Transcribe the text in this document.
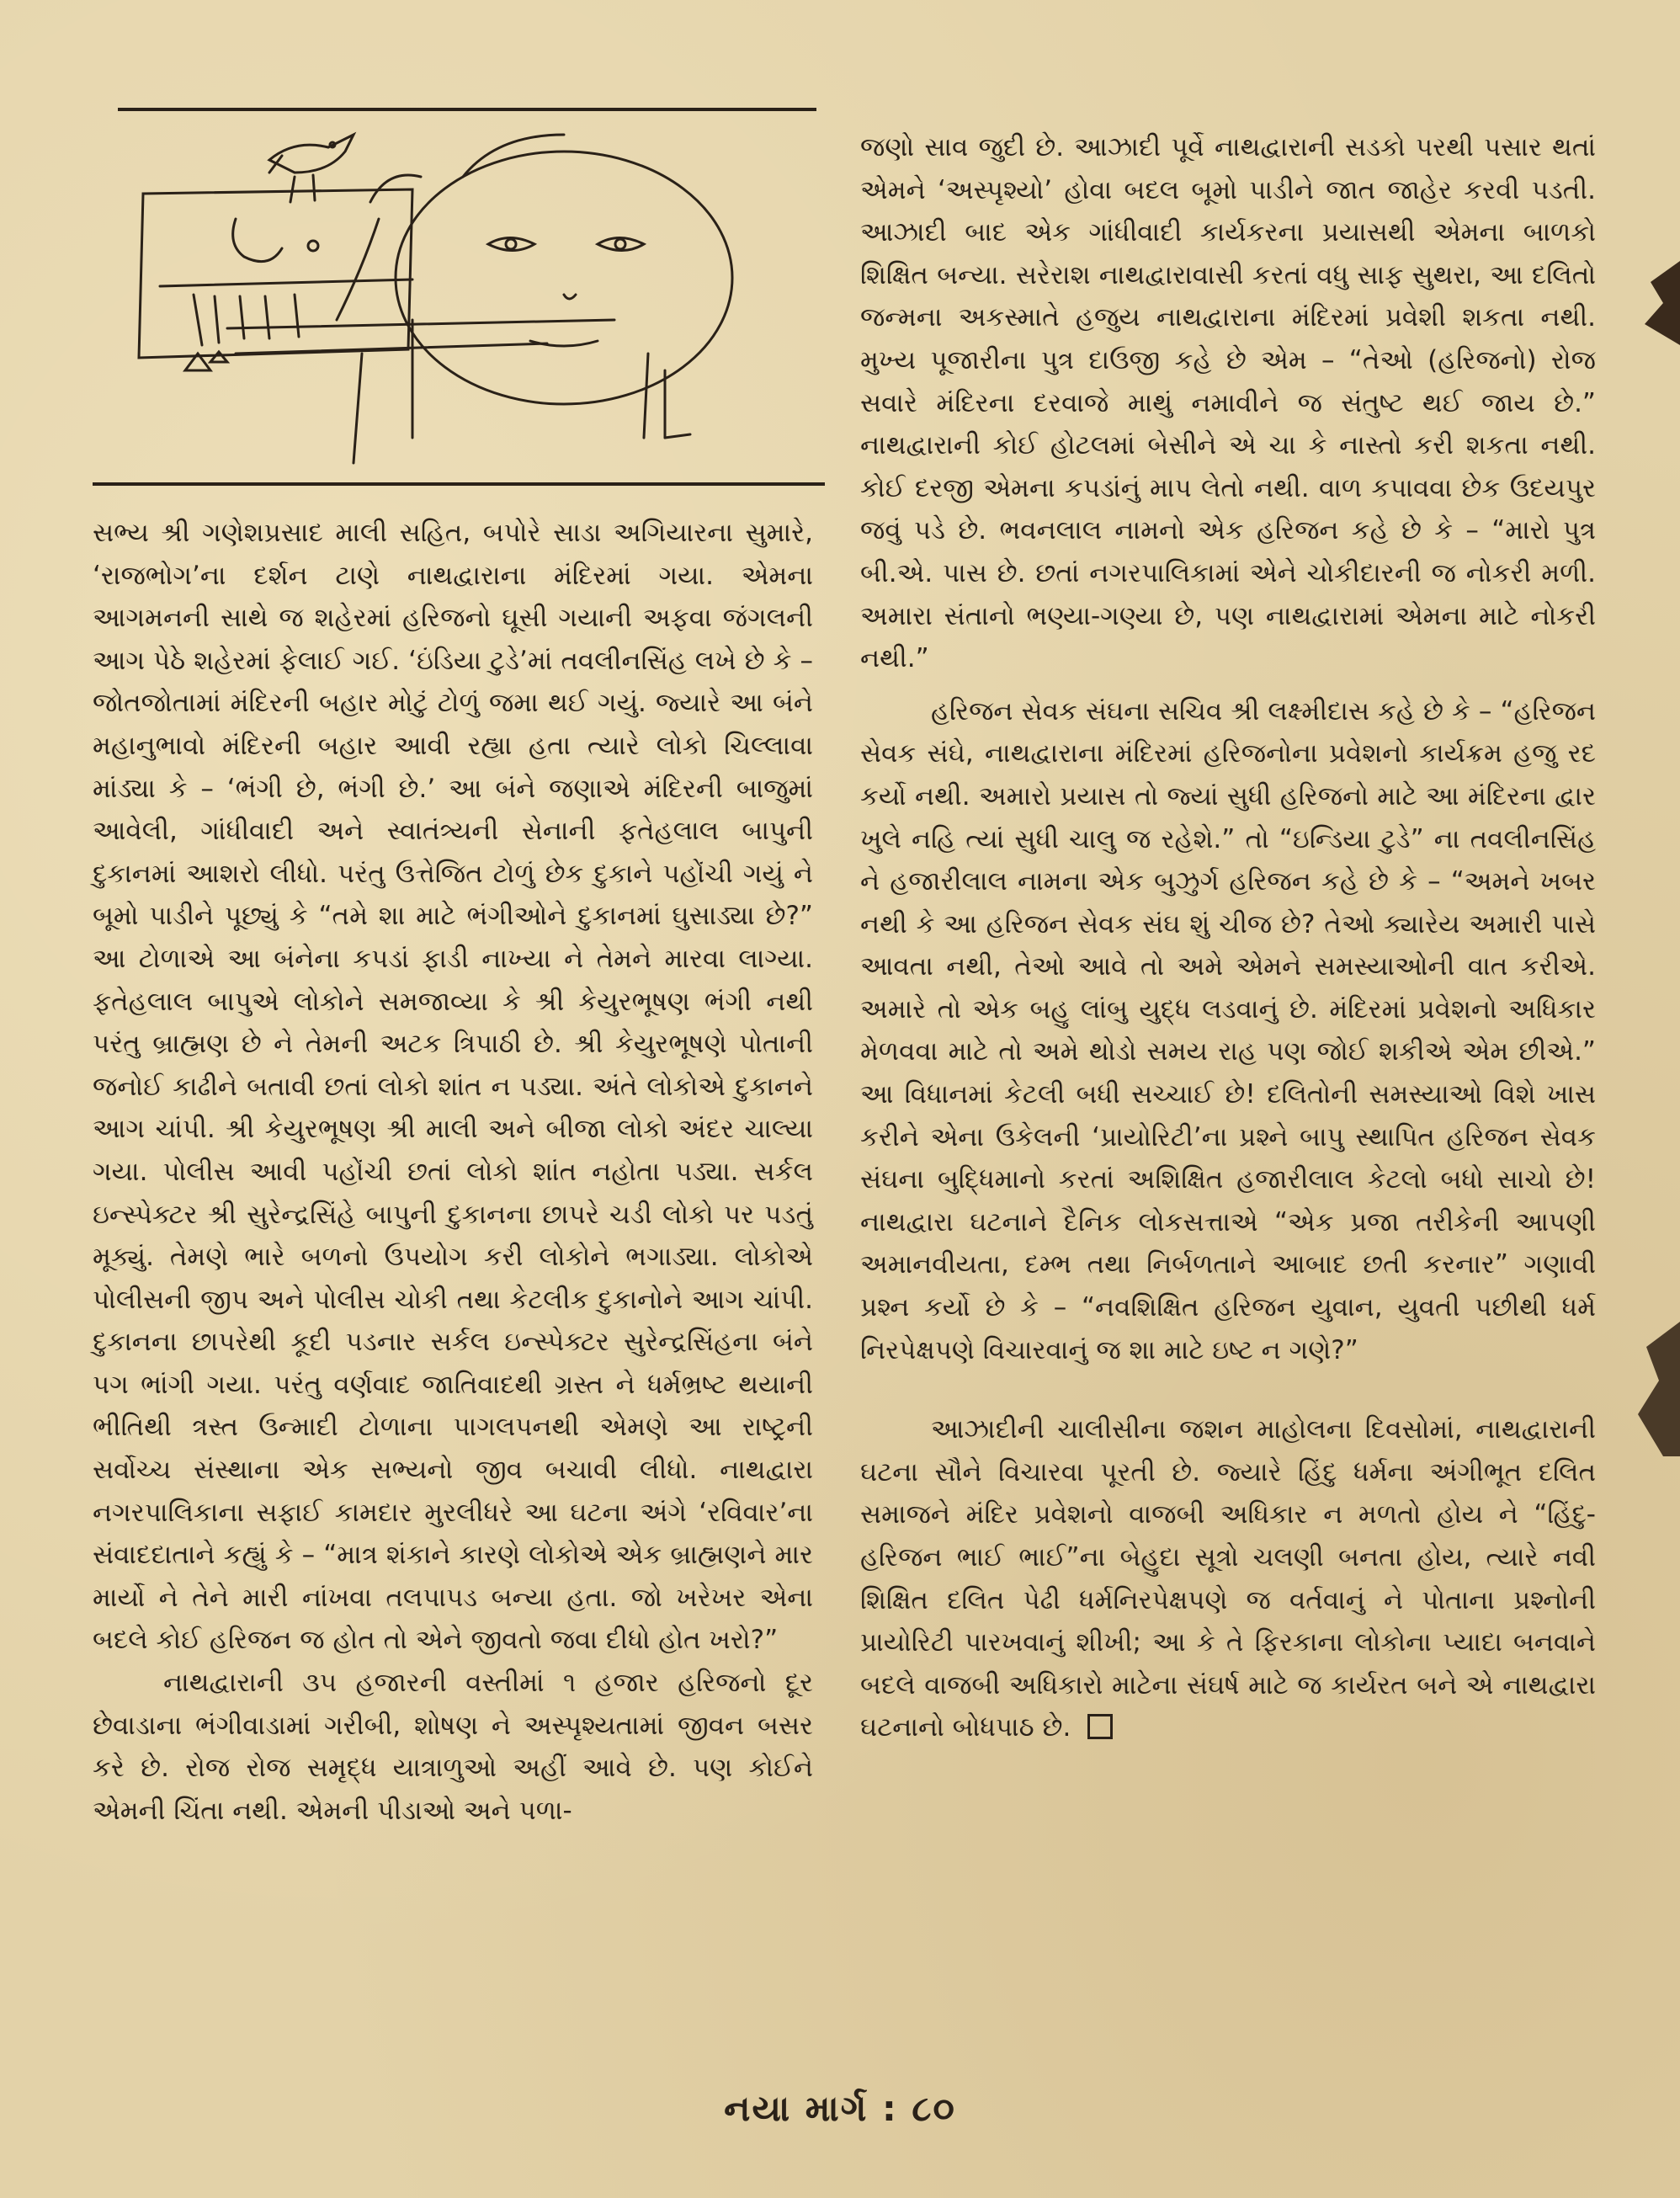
સભ્ય શ્રી ગણેશપ્રસાદ માલી સહિત, બપોરે સાડા અગિયારના સુમારે, ‘રાજભોગ’ના દર્શન ટાણે નાથદ્વારાના મંદિરમાં ગયા. એમના આગમનની સાથે જ શહેરમાં હરિજનો ઘૂસી ગયાની અફવા જંગલની આગ પેઠે શહેરમાં ફેલાઈ ગઈ. ‘ઇંડિયા ટુડે’માં તવલીનસિંહ લખે છે કે – જોતજોતામાં મંદિરની બહાર મોટું ટોળું જમા થઈ ગયું. જ્યારે આ બંને મહાનુભાવો મંદિરની બહાર આવી રહ્યા હતા ત્યારે લોકો ચિલ્લાવા માંડ્યા કે – ‘ભંગી છે, ભંગી છે.’ આ બંને જણાએ મંદિરની બાજુમાં આવેલી, ગાંધીવાદી અને સ્વાતંત્ર્યની સેનાની ફતેહલાલ બાપુની દુકાનમાં આશરો લીધો. પરંતુ ઉત્તેજિત ટોળું છેક દુકાને પહોંચી ગયું ને બૂમો પાડીને પૂછ્યું કે “તમે શા માટે ભંગીઓને દુકાનમાં ઘુસાડ્યા છે?” આ ટોળાએ આ બંનેના કપડાં ફાડી નાખ્યા ને તેમને મારવા લાગ્યા. ફતેહલાલ બાપુએ લોકોને સમજાવ્યા કે શ્રી કેયુરભૂષણ ભંગી નથી પરંતુ બ્રાહ્મણ છે ને તેમની અટક ત્રિપાઠી છે. શ્રી કેયુરભૂષણે પોતાની જનોઈ કાઢીને બતાવી છતાં લોકો શાંત ન પડ્યા. અંતે લોકોએ દુકાનને આગ ચાંપી. શ્રી કેયુરભૂષણ શ્રી માલી અને બીજા લોકો અંદર ચાલ્યા ગયા. પોલીસ આવી પહોંચી છતાં લોકો શાંત નહોતા પડ્યા. સર્કલ ઇન્સ્પેક્ટર શ્રી સુરેન્દ્રસિંહે બાપુની દુકાનના છાપરે ચડી લોકો પર પડતું મૂક્યું. તેમણે ભારે બળનો ઉપયોગ કરી લોકોને ભગાડ્યા. લોકોએ પોલીસની જીપ અને પોલીસ ચોકી તથા કેટલીક દુકાનોને આગ ચાંપી. દુકાનના છાપરેથી કૂદી પડનાર સર્કલ ઇન્સ્પેક્ટર સુરેન્દ્રસિંહના બંને પગ ભાંગી ગયા. પરંતુ વર્ણવાદ જાતિવાદથી ગ્રસ્ત ને ધર્મભ્રષ્ટ થયાની ભીતિથી ત્રસ્ત ઉન્માદી ટોળાના પાગલપનથી એમણે આ રાષ્ટ્રની સર્વોચ્ચ સંસ્થાના એક સભ્યનો જીવ બચાવી લીધો. નાથદ્વારા નગરપાલિકાના સફાઈ કામદાર મુરલીધરે આ ઘટના અંગે ‘રવિવાર’ના સંવાદદાતાને કહ્યું કે – “માત્ર શંકાને કારણે લોકોએ એક બ્રાહ્મણને માર માર્યો ને તેને મારી નાંખવા તલપાપડ બન્યા હતા. જો ખરેખર એના બદલે કોઈ હરિજન જ હોત તો એને જીવતો જવા દીધો હોત ખરો?”

નાથદ્વારાની ૩૫ હજારની વસ્તીમાં ૧ હજાર હરિજનો દૂર છેવાડાના ભંગીવાડામાં ગરીબી, શોષણ ને અસ્પૃશ્યતામાં જીવન બસર કરે છે. રોજ રોજ સમૃદ્ધ યાત્રાળુઓ અહીં આવે છે. પણ કોઈને એમની ચિંતા નથી. એમની પીડાઓ અને પળા-

જણો સાવ જુદી છે. આઝાદી પૂર્વે નાથદ્વારાની સડકો પરથી પસાર થતાં એમને ‘અસ્પૃશ્યો’ હોવા બદલ બૂમો પાડીને જાત જાહેર કરવી પડતી. આઝાદી બાદ એક ગાંધીવાદી કાર્યકરના પ્રયાસથી એમના બાળકો શિક્ષિત બન્યા. સરેરાશ નાથદ્વારાવાસી કરતાં વધુ સાફ સુથરા, આ દલિતો જન્મના અકસ્માતે હજુય નાથદ્વારાના મંદિરમાં પ્રવેશી શકતા નથી. મુખ્ય પૂજારીના પુત્ર દાઉજી કહે છે એમ – “તેઓ (હરિજનો) રોજ સવારે મંદિરના દરવાજે માથું નમાવીને જ સંતુષ્ટ થઈ જાય છે.” નાથદ્વારાની કોઈ હોટલમાં બેસીને એ ચા કે નાસ્તો કરી શકતા નથી. કોઈ દરજી એમના કપડાંનું માપ લેતો નથી. વાળ કપાવવા છેક ઉદયપુર જવું પડે છે. ભવનલાલ નામનો એક હરિજન કહે છે કે – “મારો પુત્ર બી.એ. પાસ છે. છતાં નગરપાલિકામાં એને ચોકીદારની જ નોકરી મળી. અમારા સંતાનો ભણ્યા-ગણ્યા છે, પણ નાથદ્વારામાં એમના માટે નોકરી નથી.”

હરિજન સેવક સંઘના સચિવ શ્રી લક્ષ્મીદાસ કહે છે કે – “હરિજન સેવક સંઘે, નાથદ્વારાના મંદિરમાં હરિજનોના પ્રવેશનો કાર્યક્રમ હજુ રદ કર્યો નથી. અમારો પ્રયાસ તો જ્યાં સુધી હરિજનો માટે આ મંદિરના દ્વાર ખુલે નહિ ત્યાં સુધી ચાલુ જ રહેશે.” તો “ઇન્ડિયા ટુડે” ના તવલીનસિંહ ને હજારીલાલ નામના એક બુઝુર્ગ હરિજન કહે છે કે – “અમને ખબર નથી કે આ હરિજન સેવક સંઘ શું ચીજ છે? તેઓ ક્યારેય અમારી પાસે આવતા નથી, તેઓ આવે તો અમે એમને સમસ્યાઓની વાત કરીએ. અમારે તો એક બહુ લાંબુ યુદ્ધ લડવાનું છે. મંદિરમાં પ્રવેશનો અધિકાર મેળવવા માટે તો અમે થોડો સમય રાહ પણ જોઈ શકીએ એમ છીએ.” આ વિધાનમાં કેટલી બધી સચ્ચાઈ છે! દલિતોની સમસ્યાઓ વિશે ખાસ કરીને એના ઉકેલની ‘પ્રાયોરિટી’ના પ્રશ્ને બાપુ સ્થાપિત હરિજન સેવક સંઘના બુદ્ધિમાનો કરતાં અશિક્ષિત હજારીલાલ કેટલો બધો સાચો છે! નાથદ્વારા ઘટનાને દૈનિક લોકસત્તાએ “એક પ્રજા તરીકેની આપણી અમાનવીયતા, દમ્ભ તથા નિર્બળતાને આબાદ છતી કરનાર” ગણાવી પ્રશ્ન કર્યો છે કે – “નવશિક્ષિત હરિજન યુવાન, યુવતી પછીથી ધર્મ નિરપેક્ષપણે વિચારવાનું જ શા માટે ઇષ્ટ ન ગણે?”

આઝાદીની ચાલીસીના જશન માહોલના દિવસોમાં, નાથદ્વારાની ઘટના સૌને વિચારવા પૂરતી છે. જ્યારે હિંદુ ધર્મના અંગીભૂત દલિત સમાજને મંદિર પ્રવેશનો વાજબી અધિકાર ન મળતો હોય ને “હિંદુ-હરિજન ભાઈ ભાઈ”ના બેહુદા સૂત્રો ચલણી બનતા હોય, ત્યારે નવી શિક્ષિત દલિત પેઢી ધર્મનિરપેક્ષપણે જ વર્તવાનું ને પોતાના પ્રશ્નોની પ્રાયોરિટી પારખવાનું શીખી; આ કે તે ફિરકાના લોકોના પ્યાદા બનવાને બદલે વાજબી અધિકારો માટેના સંઘર્ષ માટે જ કાર્યરત બને એ નાથદ્વારા ઘટનાનો બોધપાઠ છે.

નયા માર્ગ : ૮૦
